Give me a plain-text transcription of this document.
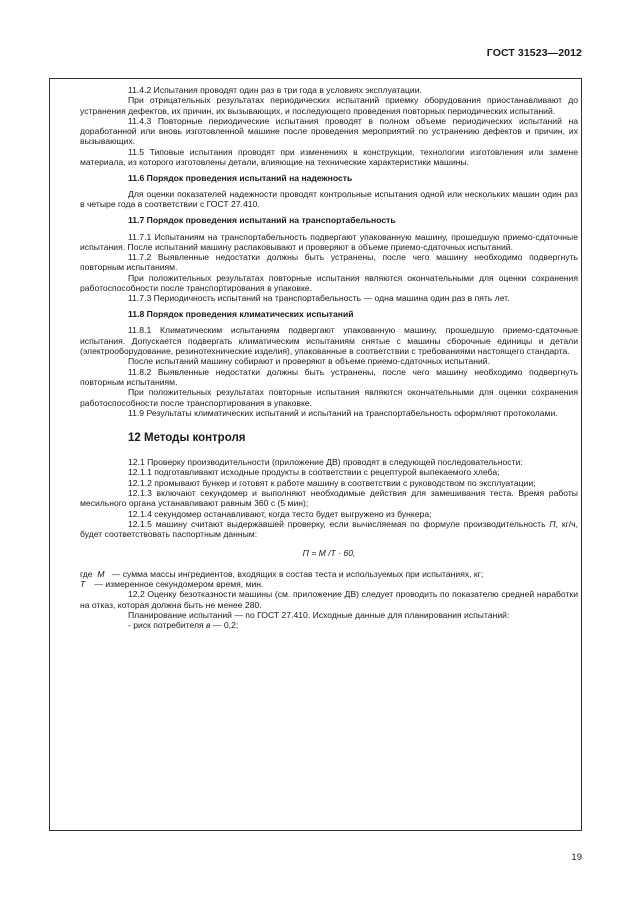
ГОСТ 31523—2012

11.4.2 Испытания проводят один раз в три года в условиях эксплуатации.

При отрицательных результатах периодических испытаний приемку оборудования приостанавливают до устранения дефектов, их причин, их вызывающих, и последующего проведения повторных периодических испытаний.

11.4.3 Повторные периодические испытания проводят в полном объеме периодических испытаний на доработанной или вновь изготовленной машине после проведения мероприятий по устранению дефектов и причин, их вызывающих.

11.5 Типовые испытания проводят при изменениях в конструкции, технологии изготовления или замене материала, из которого изготовлены детали, влияющие на технические характеристики машины.

11.6 Порядок проведения испытаний на надежность

Для оценки показателей надежности проводят контрольные испытания одной или нескольких машин один раз в четыре года в соответствии с ГОСТ 27.410.

11.7 Порядок проведения испытаний на транспортабельность

11.7.1 Испытаниям на транспортабельность подвергают упакованную машину, прошедшую приемо-сдаточные испытания. После испытаний машину распаковывают и проверяют в объеме приемо-сдаточных испытаний.

11.7.2 Выявленные недостатки должны быть устранены, после чего машину необходимо подвергнуть повторным испытаниям.

При положительных результатах повторные испытания являются окончательными для оценки сохранения работоспособности после транспортирования в упаковке.

11.7.3 Периодичность испытаний на транспортабельность — одна машина один раз в пять лет.

11.8 Порядок проведения климатических испытаний

11.8.1 Климатическим испытаниям подвергают упакованную машину, прошедшую приемо-сдаточные испытания. Допускается подвергать климатическим испытаниям снятые с машины сборочные единицы и детали (электрооборудование, резинотехнические изделия), упакованные в соответствии с требованиями настоящего стандарта.

После испытаний машину собирают и проверяют в объеме приемо-сдаточных испытаний.

11.8.2 Выявленные недостатки должны быть устранены, после чего машину необходимо подвергнуть повторным испытаниям.

При положительных результатах повторные испытания являются окончательными для оценки сохранения работоспособности после транспортирования в упаковке.

11.9 Результаты климатических испытаний и испытаний на транспортабельность оформляют протоколами.

12 Методы контроля

12.1 Проверку производительности (приложение ДВ) проводят в следующей последовательности:

12.1.1 подготавливают исходные продукты в соответствии с рецептурой выпекаемого хлеба;

12.1.2 промывают бункер и готовят к работе машину в соответствии с руководством по эксплуатации;

12.1.3 включают секундомер и выполняют необходимые действия для замешивания теста. Время работы месильного органа устанавливают равным 360 с (5 мин);

12.1.4 секундомер останавливают, когда тесто будет выгружено из бункера;

12.1.5 машину считают выдержавшей проверку, если вычисляемая по формуле производительность П, кг/ч, будет соответствовать паспортным данным:

П = М /Т · 60,

где М — сумма массы ингредиентов, входящих в состав теста и используемых при испытаниях, кг;

Т — измеренное секундомером время, мин.

12.2 Оценку безотказности машины (см. приложение ДВ) следует проводить по показателю средней наработки на отказ, которая должна быть не менее 280.

Планирование испытаний — по ГОСТ 27.410. Исходные данные для планирования испытаний:

- риск потребителя в — 0,2;

19
